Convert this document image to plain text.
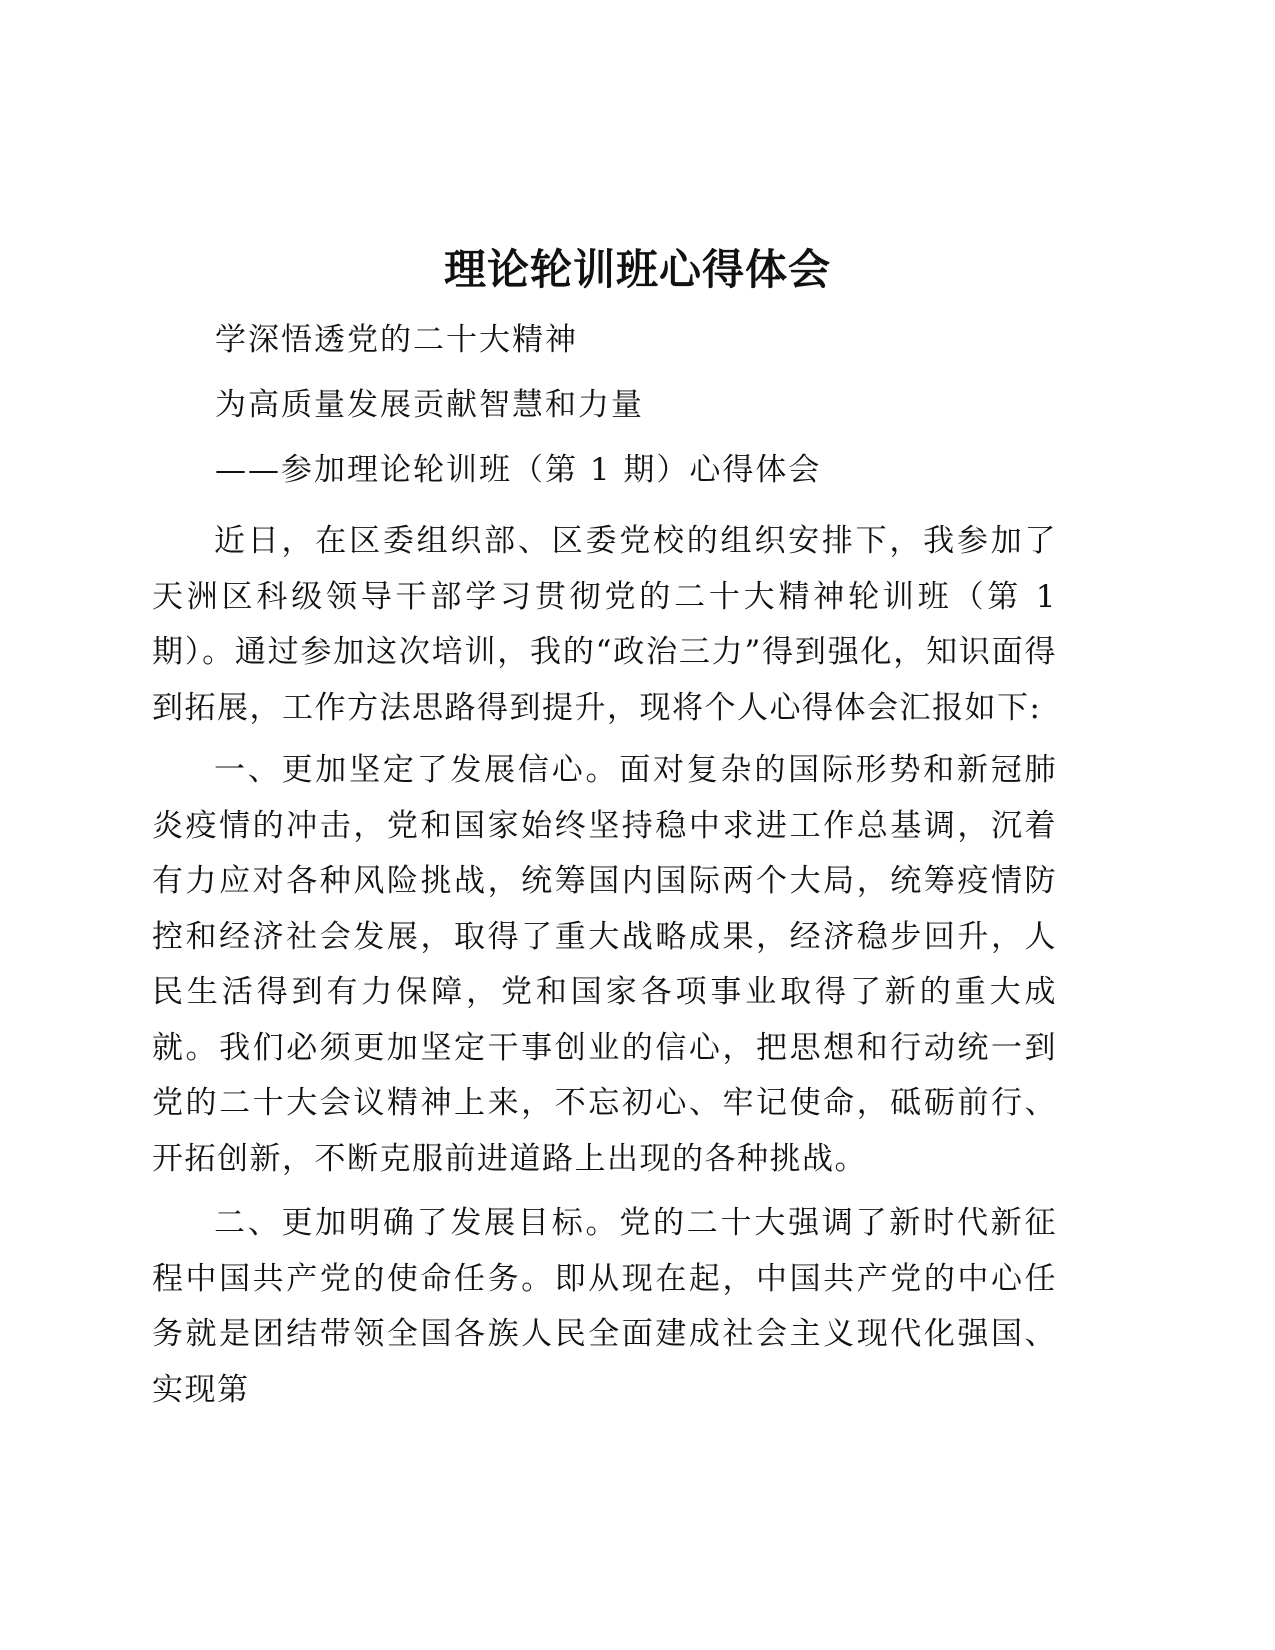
理论轮训班心得体会

学深悟透党的二十大精神

为高质量发展贡献智慧和力量

——参加理论轮训班（第 1 期）心得体会

近日，在区委组织部、区委党校的组织安排下，我参加了天洲区科级领导干部学习贯彻党的二十大精神轮训班（第 1 期）。通过参加这次培训，我的“政治三力”得到强化，知识面得到拓展，工作方法思路得到提升，现将个人心得体会汇报如下:

一、更加坚定了发展信心。面对复杂的国际形势和新冠肺炎疫情的冲击，党和国家始终坚持稳中求进工作总基调，沉着有力应对各种风险挑战，统筹国内国际两个大局，统筹疫情防控和经济社会发展，取得了重大战略成果，经济稳步回升，人民生活得到有力保障，党和国家各项事业取得了新的重大成就。我们必须更加坚定干事创业的信心，把思想和行动统一到党的二十大会议精神上来，不忘初心、牢记使命，砥砺前行、开拓创新，不断克服前进道路上出现的各种挑战。

二、更加明确了发展目标。党的二十大强调了新时代新征程中国共产党的使命任务。即从现在起，中国共产党的中心任务就是团结带领全国各族人民全面建成社会主义现代化强国、实现第
